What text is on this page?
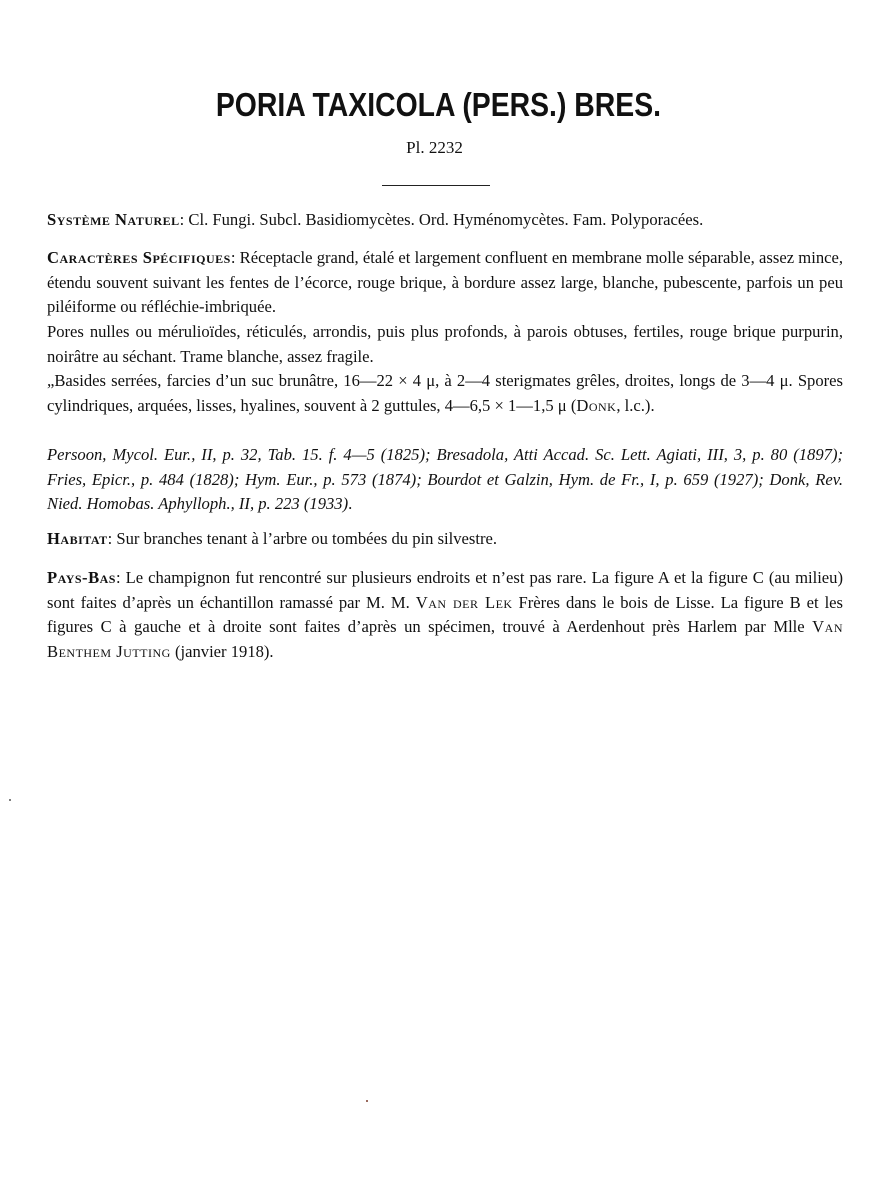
PORIA TAXICOLA (PERS.) BRES.
Pl. 2232
Système Naturel: Cl. Fungi. Subcl. Basidiomycètes. Ord. Hyménomycètes. Fam. Polyporacées.
Caractères Spécifiques: Réceptacle grand, étalé et largement confluent en membrane molle séparable, assez mince, étendu souvent suivant les fentes de l’écorce, rouge brique, à bordure assez large, blanche, pubescente, parfois un peu piléiforme ou réfléchie-imbriquée.
Pores nulles ou mérulioïdes, réticulés, arrondis, puis plus profonds, à parois obtuses, fertiles, rouge brique purpurin, noirâtre au séchant. Trame blanche, assez fragile.
„Basides serrées, farcies d’un suc brunâtre, 16—22 × 4 μ, à 2—4 sterigmates grêles, droites, longs de 3—4 μ. Spores cylindriques, arquées, lisses, hyalines, souvent à 2 guttules, 4—6,5 × 1—1,5 μ (Donk, l.c.).
Persoon, Mycol. Eur., II, p. 32, Tab. 15. f. 4—5 (1825); Bresadola, Atti Accad. Sc. Lett. Agiati, III, 3, p. 80 (1897); Fries, Epicr., p. 484 (1828); Hym. Eur., p. 573 (1874); Bourdot et Galzin, Hym. de Fr., I, p. 659 (1927); Donk, Rev. Nied. Homobas. Aphylloph., II, p. 223 (1933).
Habitat: Sur branches tenant à l’arbre ou tombées du pin silvestre.
Pays-Bas: Le champignon fut rencontré sur plusieurs endroits et n’est pas rare. La figure A et la figure C (au milieu) sont faites d’après un échantillon ramassé par M. M. Van der Lek Frères dans le bois de Lisse. La figure B et les figures C à gauche et à droite sont faites d’après un spécimen, trouvé à Aerdenhout près Harlem par Mlle Van Benthem Jutting (janvier 1918).
